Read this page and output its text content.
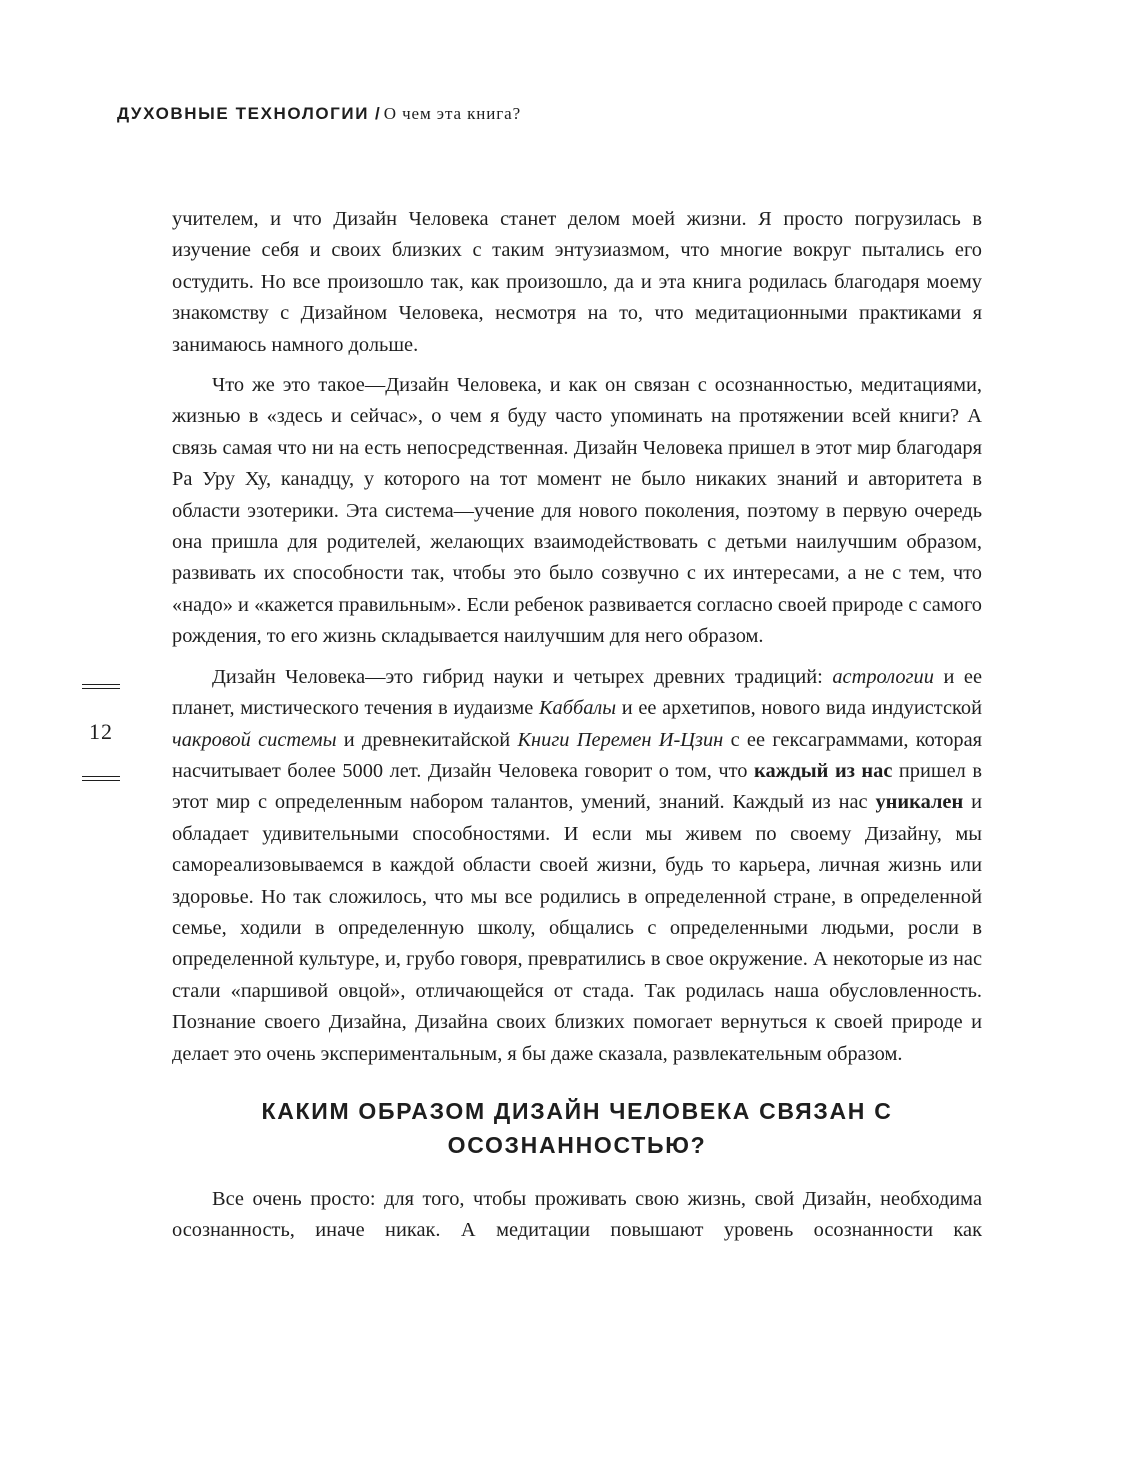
ДУХОВНЫЕ ТЕХНОЛОГИИ / О чем эта книга?
12

учителем, и что Дизайн Человека станет делом моей жизни. Я просто погрузилась в изучение себя и своих близких с таким энтузиазмом, что многие вокруг пытались его остудить. Но все произошло так, как произошло, да и эта книга родилась благодаря моему знакомству с Дизайном Человека, несмотря на то, что медитационными практиками я занимаюсь намного дольше.

Что же это такое—Дизайн Человека, и как он связан с осознанностью, медитациями, жизнью в «здесь и сейчас», о чем я буду часто упоминать на протяжении всей книги? А связь самая что ни на есть непосредственная. Дизайн Человека пришел в этот мир благодаря Ра Уру Ху, канадцу, у которого на тот момент не было никаких знаний и авторитета в области эзотерики. Эта система—учение для нового поколения, поэтому в первую очередь она пришла для родителей, желающих взаимодействовать с детьми наилучшим образом, развивать их способности так, чтобы это было созвучно с их интересами, а не с тем, что «надо» и «кажется правильным». Если ребенок развивается согласно своей природе с самого рождения, то его жизнь складывается наилучшим для него образом.

Дизайн Человека—это гибрид науки и четырех древних традиций: астрологии и ее планет, мистического течения в иудаизме Каббалы и ее архетипов, нового вида индуистской чакровой системы и древнекитайской Книги Перемен И-Цзин с ее гексаграммами, которая насчитывает более 5000 лет. Дизайн Человека говорит о том, что каждый из нас пришел в этот мир с определенным набором талантов, умений, знаний. Каждый из нас уникален и обладает удивительными способностями. И если мы живем по своему Дизайну, мы самореализовываемся в каждой области своей жизни, будь то карьера, личная жизнь или здоровье. Но так сложилось, что мы все родились в определенной стране, в определенной семье, ходили в определенную школу, общались с определенными людьми, росли в определенной культуре, и, грубо говоря, превратились в свое окружение. А некоторые из нас стали «паршивой овцой», отличающейся от стада. Так родилась наша обусловленность. Познание своего Дизайна, Дизайна своих близких помогает вернуться к своей природе и делает это очень экспериментальным, я бы даже сказала, развлекательным образом.

КАКИМ ОБРАЗОМ ДИЗАЙН ЧЕЛОВЕКА СВЯЗАН С ОСОЗНАННОСТЬЮ?

Все очень просто: для того, чтобы проживать свою жизнь, свой Дизайн, необходима осознанность, иначе никак. А медитации повышают уровень осознанности как
